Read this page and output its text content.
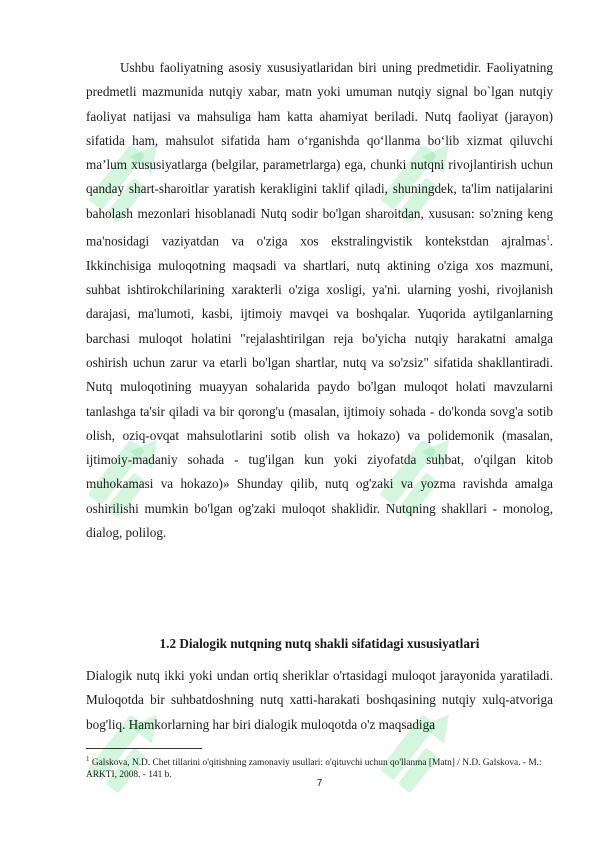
Ushbu faoliyatning asosiy xususiyatlaridan biri uning predmetidir. Faoliyatning predmetli mazmunida nutqiy xabar, matn yoki umuman nutqiy signal bo`lgan nutqiy faoliyat natijasi va mahsuliga ham katta ahamiyat beriladi. Nutq faoliyat (jarayon) sifatida ham, mahsulot sifatida ham o‘rganishda qo‘llanma bo‘lib xizmat qiluvchi ma’lum xususiyatlarga (belgilar, parametrlarga) ega, chunki nutqni rivojlantirish uchun qanday shart-sharoitlar yaratish kerakligini taklif qiladi, shuningdek, ta'lim natijalarini baholash mezonlari hisoblanadi Nutq sodir bo'lgan sharoitdan, xususan: so'zning keng ma'nosidagi vaziyatdan va o'ziga xos ekstralingvistik kontekstdan ajralmas$^1$. Ikkinchisiga muloqotning maqsadi va shartlari, nutq aktining o'ziga xos mazmuni, suhbat ishtirokchilarining xarakterli o'ziga xosligi, ya'ni. ularning yoshi, rivojlanish darajasi, ma'lumoti, kasbi, ijtimoiy mavqei va boshqalar. Yuqorida aytilganlarning barchasi muloqot holatini "rejalashtirilgan reja bo'yicha nutqiy harakatni amalga oshirish uchun zarur va etarli bo'lgan shartlar, nutq va so'zsiz" sifatida shakllantiradi. Nutq muloqotining muayyan sohalarida paydo bo'lgan muloqot holati mavzularni tanlashga ta'sir qiladi va bir qorong'u (masalan, ijtimoiy sohada - do'konda sovg'a sotib olish, oziq-ovqat mahsulotlarini sotib olish va hokazo) va polidemonik (masalan, ijtimoiy-madaniy sohada - tug'ilgan kun yoki ziyofatda suhbat, o'qilgan kitob muhokamasi va hokazo)» Shunday qilib, nutq og'zaki va yozma ravishda amalga oshirilishi mumkin bo'lgan og'zaki muloqot shaklidir. Nutqning shakllari - monolog, dialog, polilog.

1.2 Dialogik nutqning nutq shakli sifatidagi xususiyatlari

Dialogik nutq ikki yoki undan ortiq sheriklar o'rtasidagi muloqot jarayonida yaratiladi. Muloqotda bir suhbatdoshning nutq xatti-harakati boshqasining nutqiy xulq-atvoriga bog'liq. Hamkorlarning har biri dialogik muloqotda o'z maqsadiga

$^1$ Galskova, N.D. Chet tillarini o'qitishning zamonaviy usullari: o'qituvchi uchun qo'llanma [Matn] / N.D. Galskova. - M.: ARKTI, 2008. - 141 b.
7
